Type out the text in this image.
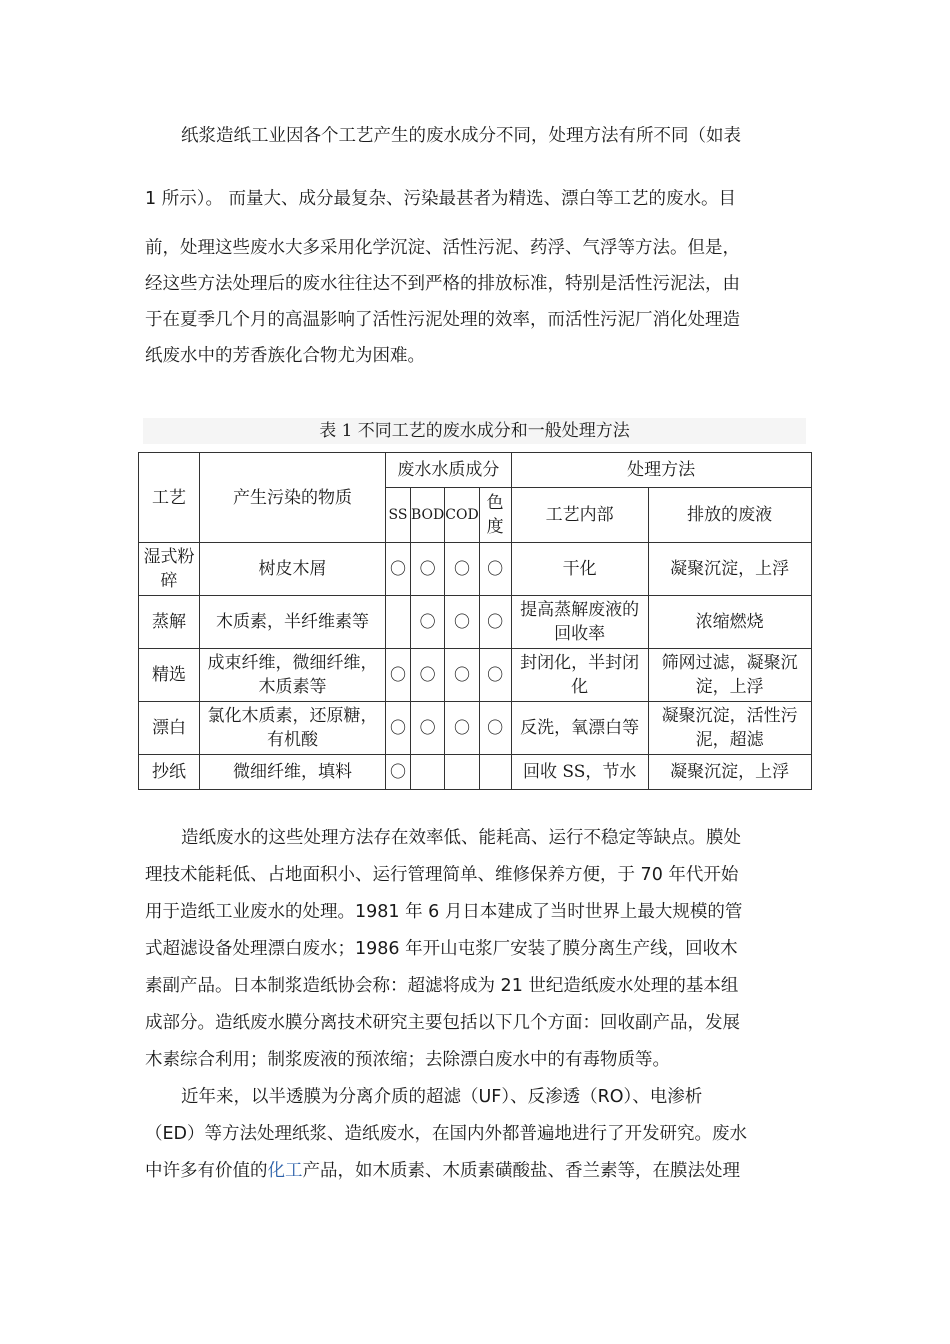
纸浆造纸工业因各个工艺产生的废水成分不同，处理方法有所不同（如表
1 所示）。 而量大、成分最复杂、污染最甚者为精选、漂白等工艺的废水。目
前，处理这些废水大多采用化学沉淀、活性污泥、药浮、气浮等方法。但是，
经这些方法处理后的废水往往达不到严格的排放标准，特别是活性污泥法，由
于在夏季几个月的高温影响了活性污泥处理的效率，而活性污泥厂消化处理造
纸废水中的芳香族化合物尤为困难。
表 1 不同工艺的废水成分和一般处理方法
工艺	产生污染的物质	废水水质成分				处理方法	
		SS	BOD	COD	色度	工艺内部	排放的废液
湿式粉碎	树皮木屑	〇	〇	〇	〇	干化	凝聚沉淀，上浮
蒸解	木质素，半纤维素等		〇	〇	〇	提高蒸解废液的回收率	浓缩燃烧
精选	成束纤维，微细纤维，木质素等	〇	〇	〇	〇	封闭化，半封闭化	筛网过滤，凝聚沉淀，上浮
漂白	氯化木质素，还原糖，有机酸	〇	〇	〇	〇	反洗，氧漂白等	凝聚沉淀，活性污泥，超滤
抄纸	微细纤维，填料	〇				回收 SS，节水	凝聚沉淀，上浮
造纸废水的这些处理方法存在效率低、能耗高、运行不稳定等缺点。膜处
理技术能耗低、占地面积小、运行管理简单、维修保养方便，于 70 年代开始
用于造纸工业废水的处理。1981 年 6 月日本建成了当时世界上最大规模的管
式超滤设备处理漂白废水；1986 年开山屯浆厂安装了膜分离生产线，回收木
素副产品。日本制浆造纸协会称：超滤将成为 21 世纪造纸废水处理的基本组
成部分。造纸废水膜分离技术研究主要包括以下几个方面：回收副产品，发展
木素综合利用；制浆废液的预浓缩；去除漂白废水中的有毒物质等。
近年来，以半透膜为分离介质的超滤（UF）、反渗透（RO）、电渗析
（ED）等方法处理纸浆、造纸废水，在国内外都普遍地进行了开发研究。废水
中许多有价值的化工产品，如木质素、木质素磺酸盐、香兰素等，在膜法处理
